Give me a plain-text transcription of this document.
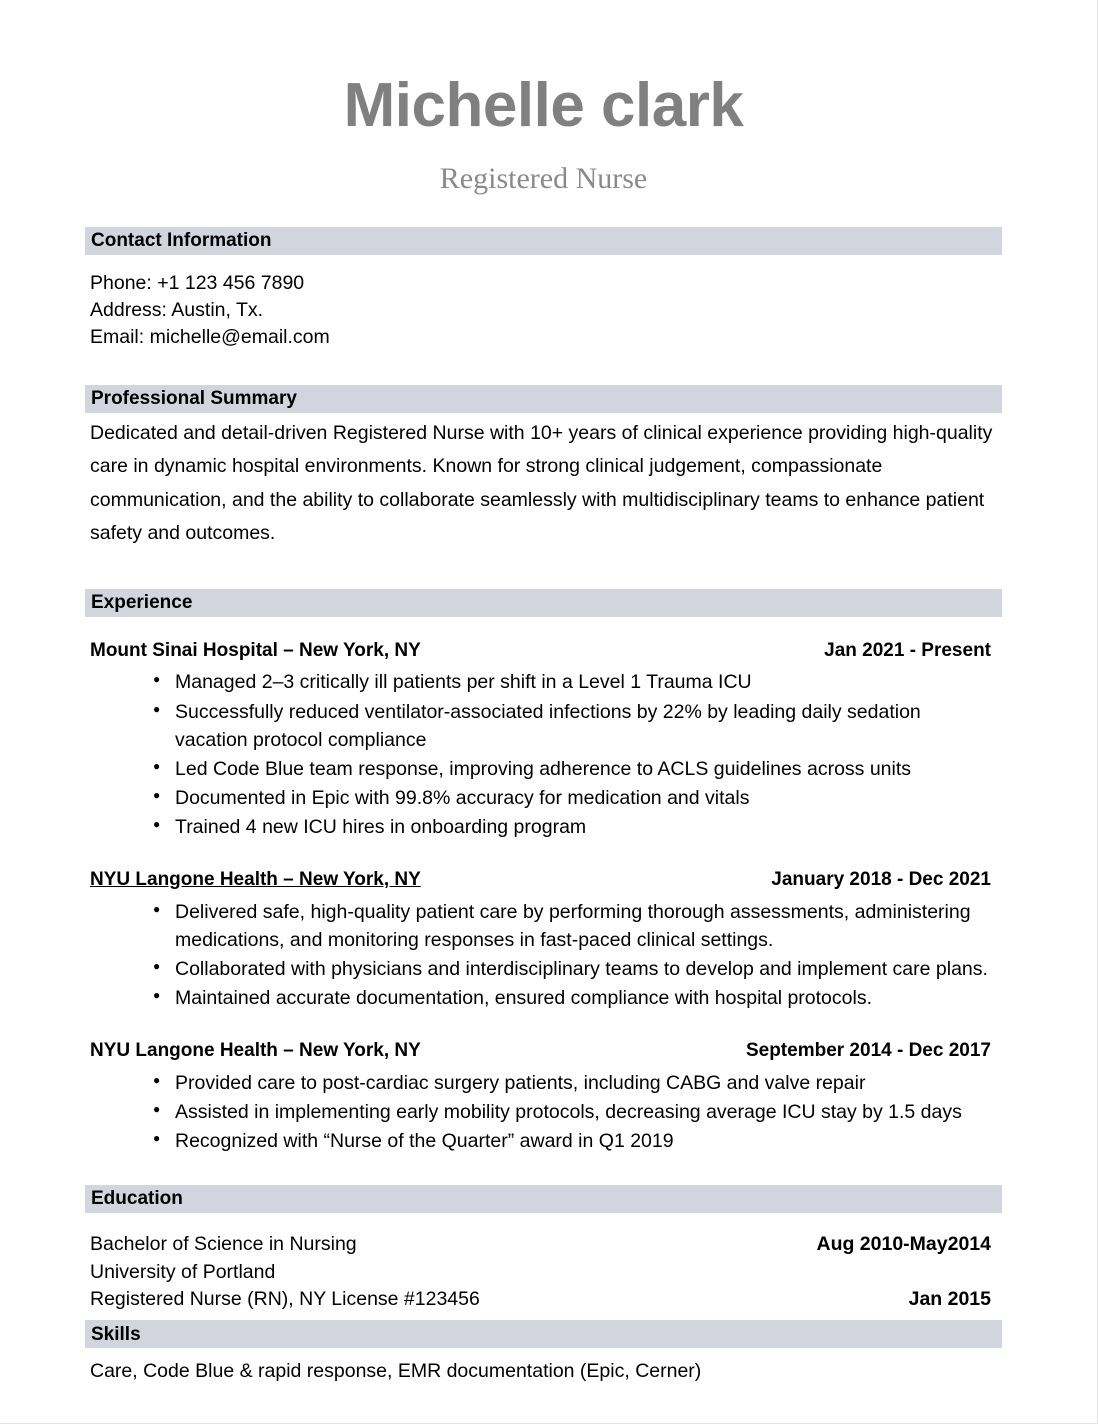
Michelle clark
Registered Nurse
Contact Information
Phone: +1 123 456 7890
Address: Austin, Tx.
Email: michelle@email.com
Professional Summary

Dedicated and detail-driven Registered Nurse with 10+ years of clinical experience providing high-quality care in dynamic hospital environments. Known for strong clinical judgement, compassionate communication, and the ability to collaborate seamlessly with multidisciplinary teams to enhance patient safety and outcomes.

Experience
Mount Sinai Hospital – New York, NY	Jan 2021 - Present
● Managed 2–3 critically ill patients per shift in a Level 1 Trauma ICU
● Successfully reduced ventilator-associated infections by 22% by leading daily sedation vacation protocol compliance
● Led Code Blue team response, improving adherence to ACLS guidelines across units
● Documented in Epic with 99.8% accuracy for medication and vitals
● Trained 4 new ICU hires in onboarding program
NYU Langone Health – New York, NY	January 2018 - Dec 2021
● Delivered safe, high-quality patient care by performing thorough assessments, administering medications, and monitoring responses in fast-paced clinical settings.
● Collaborated with physicians and interdisciplinary teams to develop and implement care plans.
● Maintained accurate documentation, ensured compliance with hospital protocols.
NYU Langone Health – New York, NY	September 2014 - Dec 2017
● Provided care to post-cardiac surgery patients, including CABG and valve repair
● Assisted in implementing early mobility protocols, decreasing average ICU stay by 1.5 days
● Recognized with “Nurse of the Quarter” award in Q1 2019
Education
Bachelor of Science in Nursing	Aug 2010-May2014
University of Portland
Registered Nurse (RN), NY License #123456	Jan 2015
Skills
Care, Code Blue & rapid response, EMR documentation (Epic, Cerner)
